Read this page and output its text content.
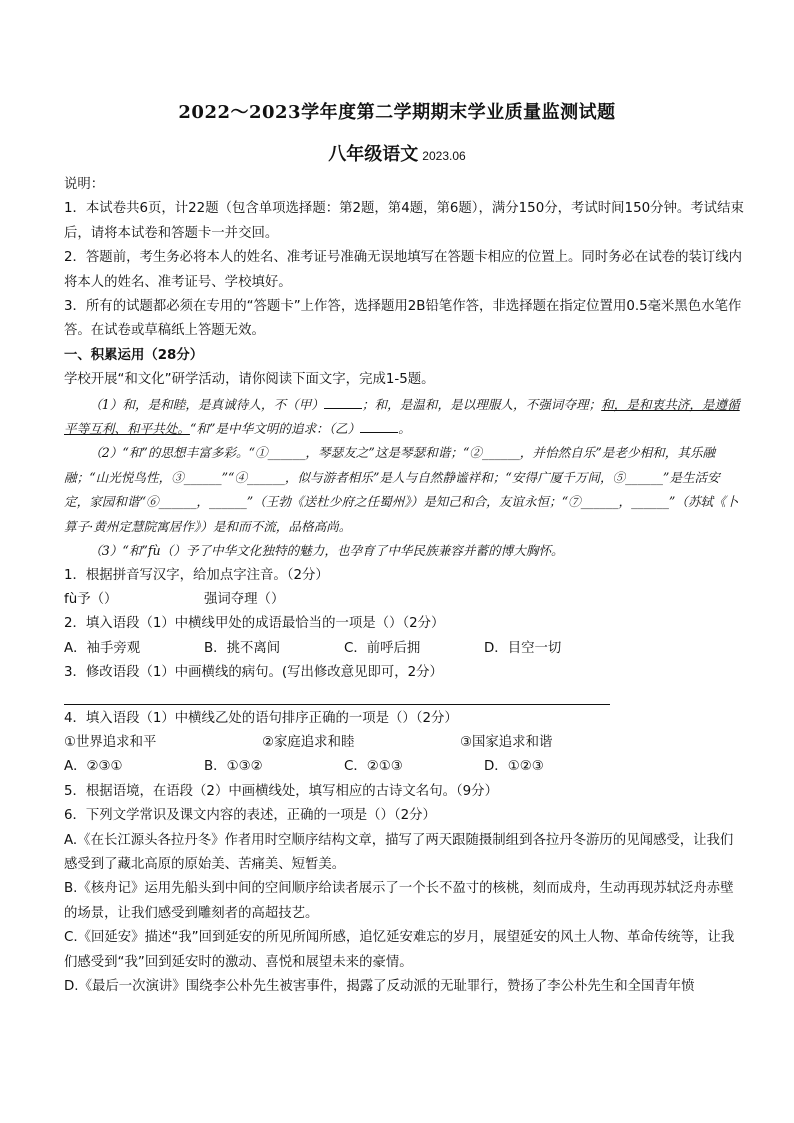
2022～2023学年度第二学期期末学业质量监测试题
八年级语文 2023.06

说明：

1．本试卷共6页，计22题（包含单项选择题：第2题，第4题，第6题），满分150分，考试时间150分钟。考试结束后，请将本试卷和答题卡一并交回。

2．答题前，考生务必将本人的姓名、准考证号准确无误地填写在答题卡相应的位置上。同时务必在试卷的装订线内将本人的姓名、准考证号、学校填好。

3．所有的试题都必须在专用的“答题卡”上作答，选择题用2B铅笔作答，非选择题在指定位置用0.5毫米黑色水笔作答。在试卷或草稿纸上答题无效。

一、积累运用（28分）

学校开展“和文化”研学活动，请你阅读下面文字，完成1-5题。

（1）和，是和睦，是真诚待人，不（甲）	；和，是温和，是以理服人，不强词夺理；和，是和衷共济，是遵循平等互利、和平共处。“和”是中华文明的追求：（乙）	。

（2）“和”的思想丰富多彩。“①______，琴瑟友之”这是琴瑟和谐；“②______，并怡然自乐”是老少相和，其乐融融；“山光悦鸟性，③______”“④______，似与游者相乐”是人与自然静谧祥和；“安得广厦千万间，⑤______”是生活安定，家园和谐“⑥______，______”（王勃《送杜少府之任蜀州》）是知己和合，友谊永恒；“⑦______，______”（苏轼《卜算子·黄州定慧院寓居作》）是和而不流，品格高尚。

（3）“和”fù（）予了中华文化独特的魅力，也孕育了中华民族兼容并蓄的博大胸怀。

1．根据拼音写汉字，给加点字注音。（2分）

fù予（）	强词夺理（）

2．填入语段（1）中横线甲处的成语最恰当的一项是（）（2分）

A．袖手旁观	B．挑不离间	C．前呼后拥	D．目空一切

3．修改语段（1）中画横线的病句。(写出修改意见即可，2分）

4．填入语段（1）中横线乙处的语句排序正确的一项是（）（2分）

①世界追求和平	②家庭追求和睦	③国家追求和谐

A．②③①	B．①③②	C．②①③	D．①②③

5．根据语境，在语段（2）中画横线处，填写相应的古诗文名句。（9分）

6．下列文学常识及课文内容的表述，正确的一项是（）（2分）

A.《在长江源头各拉丹冬》作者用时空顺序结构文章，描写了两天跟随摄制组到各拉丹冬游历的见闻感受，让我们感受到了藏北高原的原始美、苦痛美、短暂美。

B.《核舟记》运用先船头到中间的空间顺序给读者展示了一个长不盈寸的核桃，刻而成舟，生动再现苏轼泛舟赤壁的场景，让我们感受到雕刻者的高超技艺。

C.《回延安》描述“我”回到延安的所见所闻所感，追忆延安难忘的岁月，展望延安的风土人物、革命传统等，让我们感受到“我”回到延安时的激动、喜悦和展望未来的豪情。

D.《最后一次演讲》围绕李公朴先生被害事件，揭露了反动派的无耻罪行，赞扬了李公朴先生和全国青年愤
